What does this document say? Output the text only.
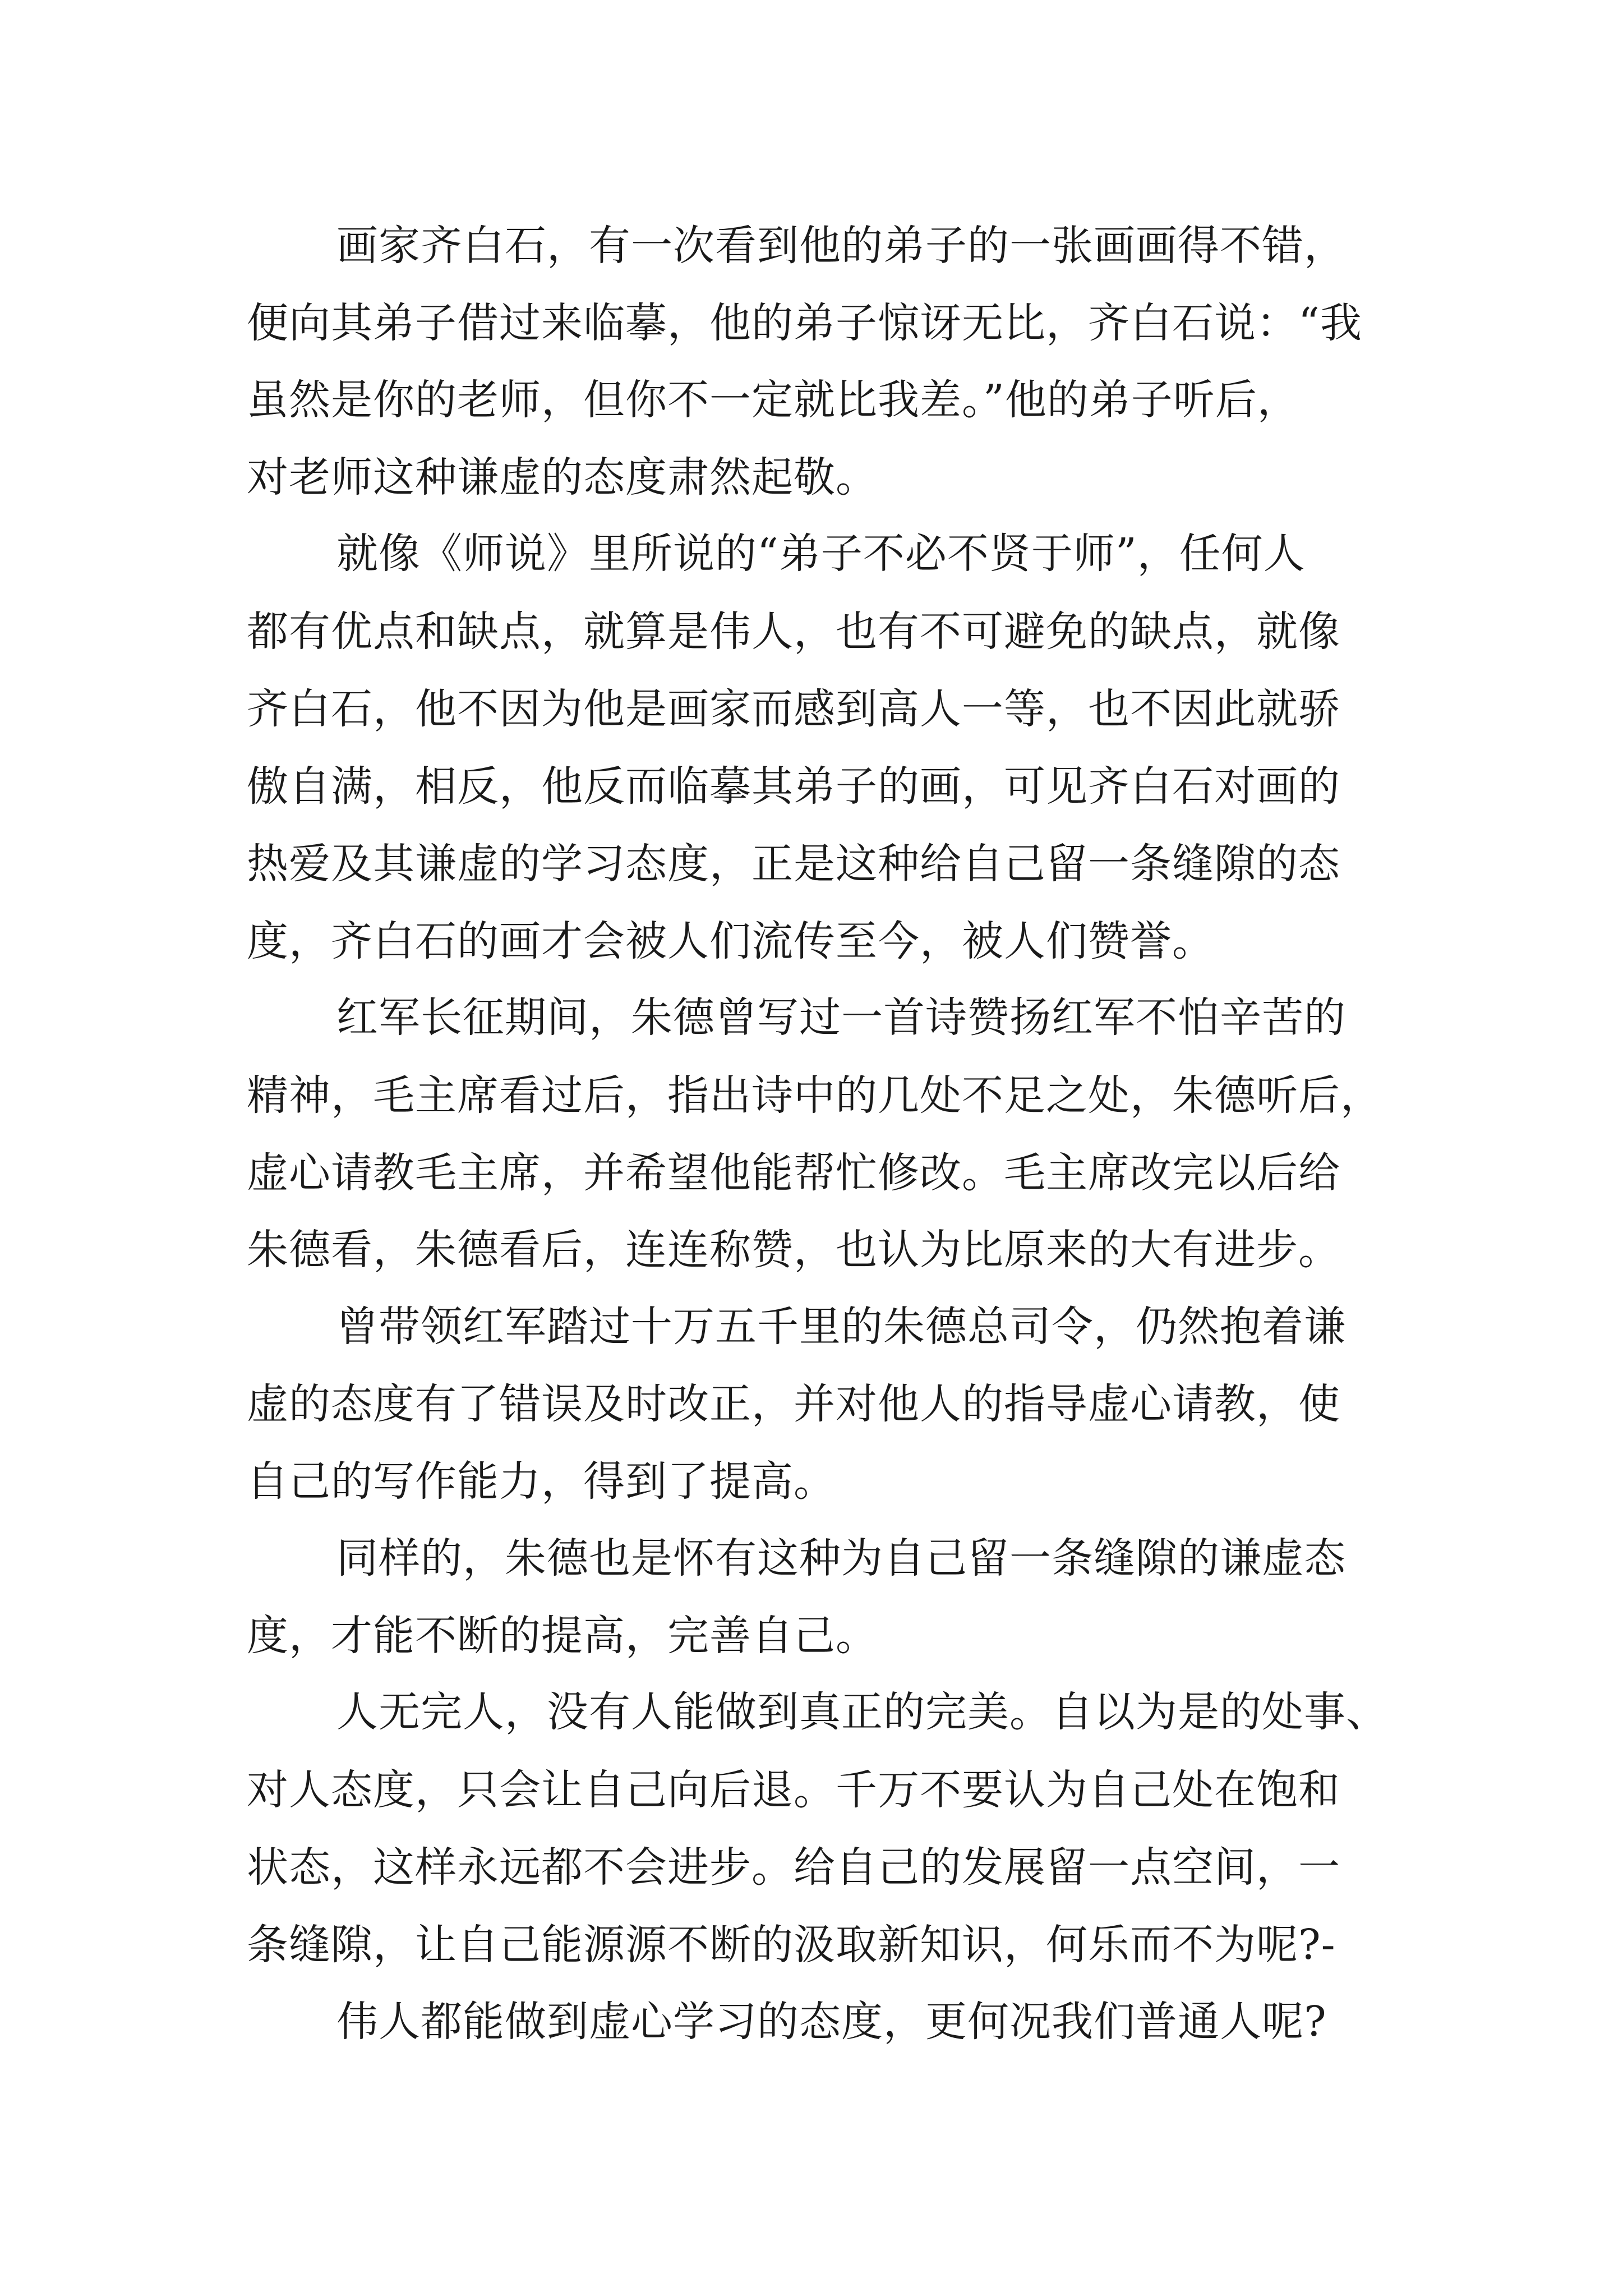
画家齐白石，有一次看到他的弟子的一张画画得不错，
便向其弟子借过来临摹，他的弟子惊讶无比，齐白石说：“我
虽然是你的老师，但你不一定就比我差。”他的弟子听后，
对老师这种谦虚的态度肃然起敬。
就像《师说》里所说的“弟子不必不贤于师”，任何人
都有优点和缺点，就算是伟人，也有不可避免的缺点，就像
齐白石，他不因为他是画家而感到高人一等，也不因此就骄
傲自满，相反，他反而临摹其弟子的画，可见齐白石对画的
热爱及其谦虚的学习态度，正是这种给自己留一条缝隙的态
度，齐白石的画才会被人们流传至今，被人们赞誉。
红军长征期间，朱德曾写过一首诗赞扬红军不怕辛苦的
精神，毛主席看过后，指出诗中的几处不足之处，朱德听后，
虚心请教毛主席，并希望他能帮忙修改。毛主席改完以后给
朱德看，朱德看后，连连称赞，也认为比原来的大有进步。
曾带领红军踏过十万五千里的朱德总司令，仍然抱着谦
虚的态度有了错误及时改正，并对他人的指导虚心请教，使
自己的写作能力，得到了提高。
同样的，朱德也是怀有这种为自己留一条缝隙的谦虚态
度，才能不断的提高，完善自己。
人无完人，没有人能做到真正的完美。自以为是的处事、
对人态度，只会让自己向后退。千万不要认为自己处在饱和
状态，这样永远都不会进步。给自己的发展留一点空间，一
条缝隙，让自己能源源不断的汲取新知识，何乐而不为呢?-
伟人都能做到虚心学习的态度，更何况我们普通人呢?
